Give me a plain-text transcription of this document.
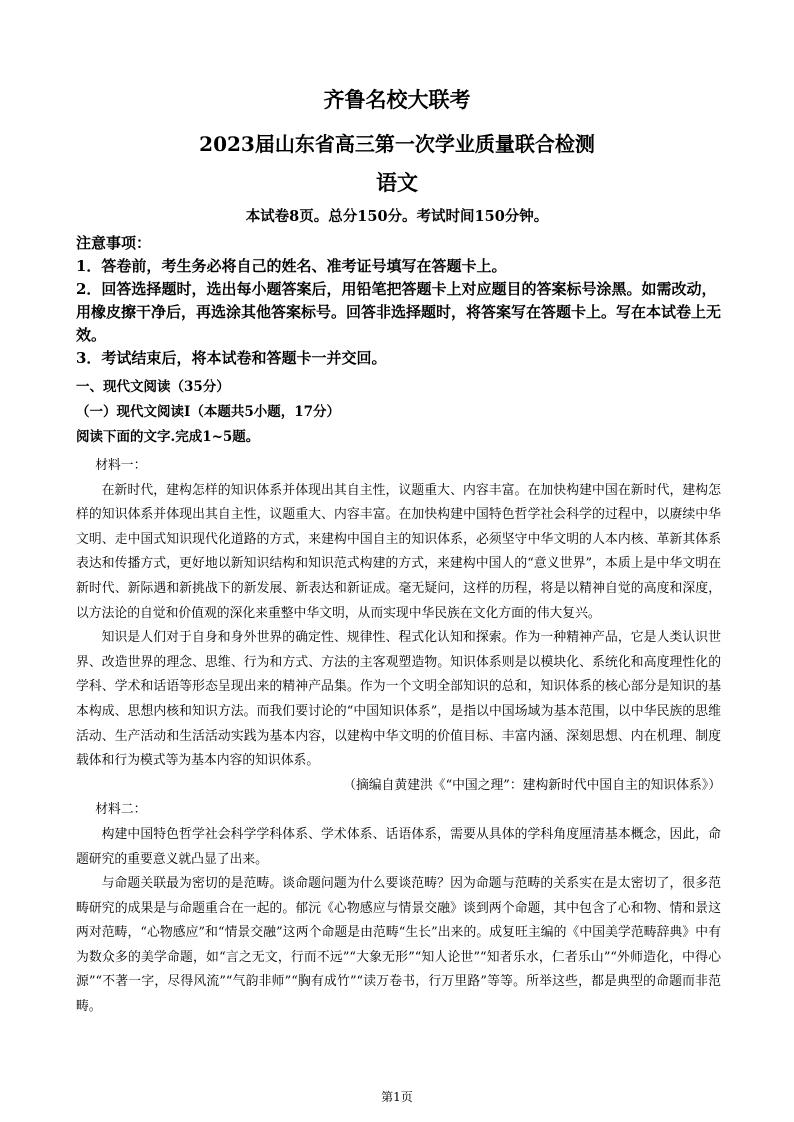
齐鲁名校大联考
2023届山东省高三第一次学业质量联合检测
语文
本试卷8页。总分150分。考试时间150分钟。

注意事项：

1．答卷前，考生务必将自己的姓名、准考证号填写在答题卡上。

2．回答选择题时，选出每小题答案后，用铅笔把答题卡上对应题目的答案标号涂黑。如需改动，用橡皮擦干净后，再选涂其他答案标号。回答非选择题时，将答案写在答题卡上。写在本试卷上无效。

3．考试结束后，将本试卷和答题卡一并交回。

一、现代文阅读（35分）
（一）现代文阅读I（本题共5小题，17分）
阅读下面的文字.完成1~5题。

材料一：

在新时代，建构怎样的知识体系并体现出其自主性，议题重大、内容丰富。在加快构建中国在新时代，建构怎样的知识体系并体现出其自主性，议题重大、内容丰富。在加快构建中国特色哲学社会科学的过程中，以赓续中华文明、走中国式知识现代化道路的方式，来建构中国自主的知识体系，必须坚守中华文明的人本内核、革新其体系表达和传播方式，更好地以新知识结构和知识范式构建的方式，来建构中国人的“意义世界”，本质上是中华文明在新时代、新际遇和新挑战下的新发展、新表达和新证成。毫无疑问，这样的历程，将是以精神自觉的高度和深度，以方法论的自觉和价值观的深化来重整中华文明，从而实现中华民族在文化方面的伟大复兴。

知识是人们对于自身和身外世界的确定性、规律性、程式化认知和探索。作为一种精神产品，它是人类认识世界、改造世界的理念、思维、行为和方式、方法的主客观塑造物。知识体系则是以模块化、系统化和高度理性化的学科、学术和话语等形态呈现出来的精神产品集。作为一个文明全部知识的总和，知识体系的核心部分是知识的基本构成、思想内核和知识方法。而我们要讨论的“中国知识体系”，是指以中国场域为基本范围，以中华民族的思维活动、生产活动和生活活动实践为基本内容，以建构中华文明的价值目标、丰富内涵、深刻思想、内在机理、制度载体和行为模式等为基本内容的知识体系。

（摘编自黄建洪《“中国之理”：建构新时代中国自主的知识体系》）

材料二：

构建中国特色哲学社会科学学科体系、学术体系、话语体系，需要从具体的学科角度厘清基本概念，因此，命题研究的重要意义就凸显了出来。

与命题关联最为密切的是范畴。谈命题问题为什么要谈范畴？因为命题与范畴的关系实在是太密切了，很多范畴研究的成果是与命题重合在一起的。郁沅《心物感应与情景交融》谈到两个命题，其中包含了心和物、情和景这两对范畴，“心物感应”和“情景交融”这两个命题是由范畴“生长”出来的。成复旺主编的《中国美学范畴辞典》中有为数众多的美学命题，如“言之无文，行而不远”“大象无形”“知人论世”“知者乐水，仁者乐山”“外师造化，中得心源”“不著一字，尽得风流”“气韵非师”“胸有成竹”“读万卷书，行万里路”等等。所举这些，都是典型的命题而非范畴。

第1页
